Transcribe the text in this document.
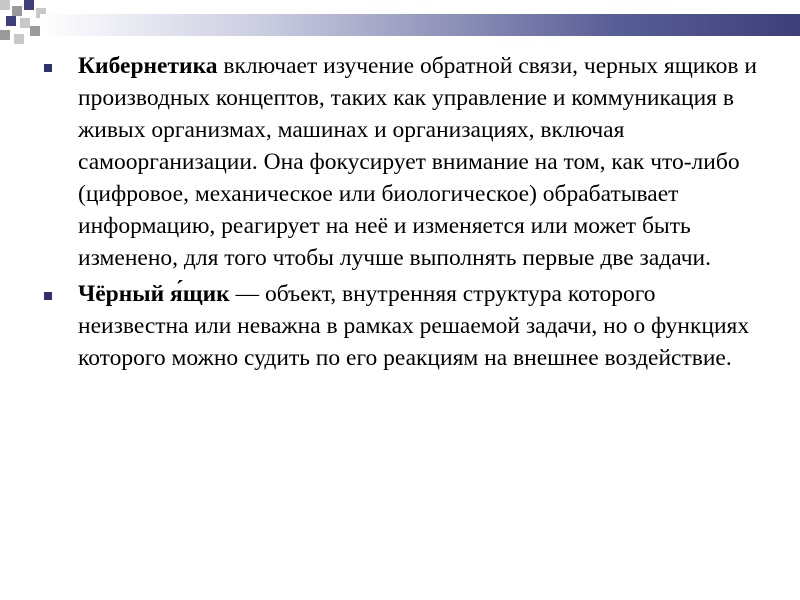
Кибернетика включает изучение обратной связи, черных ящиков и производных концептов, таких как управление и коммуникация в живых организмах, машинах и организациях, включая самоорганизации. Она фокусирует внимание на том, как что-либо (цифровое, механическое или биологическое) обрабатывает информацию, реагирует на неё и изменяется или может быть изменено, для того чтобы лучше выполнять первые две задачи.

Чёрный я́щик — объект, внутренняя структура которого неизвестна или неважна в рамках решаемой задачи, но о функциях которого можно судить по его реакциям на внешнее воздействие.
